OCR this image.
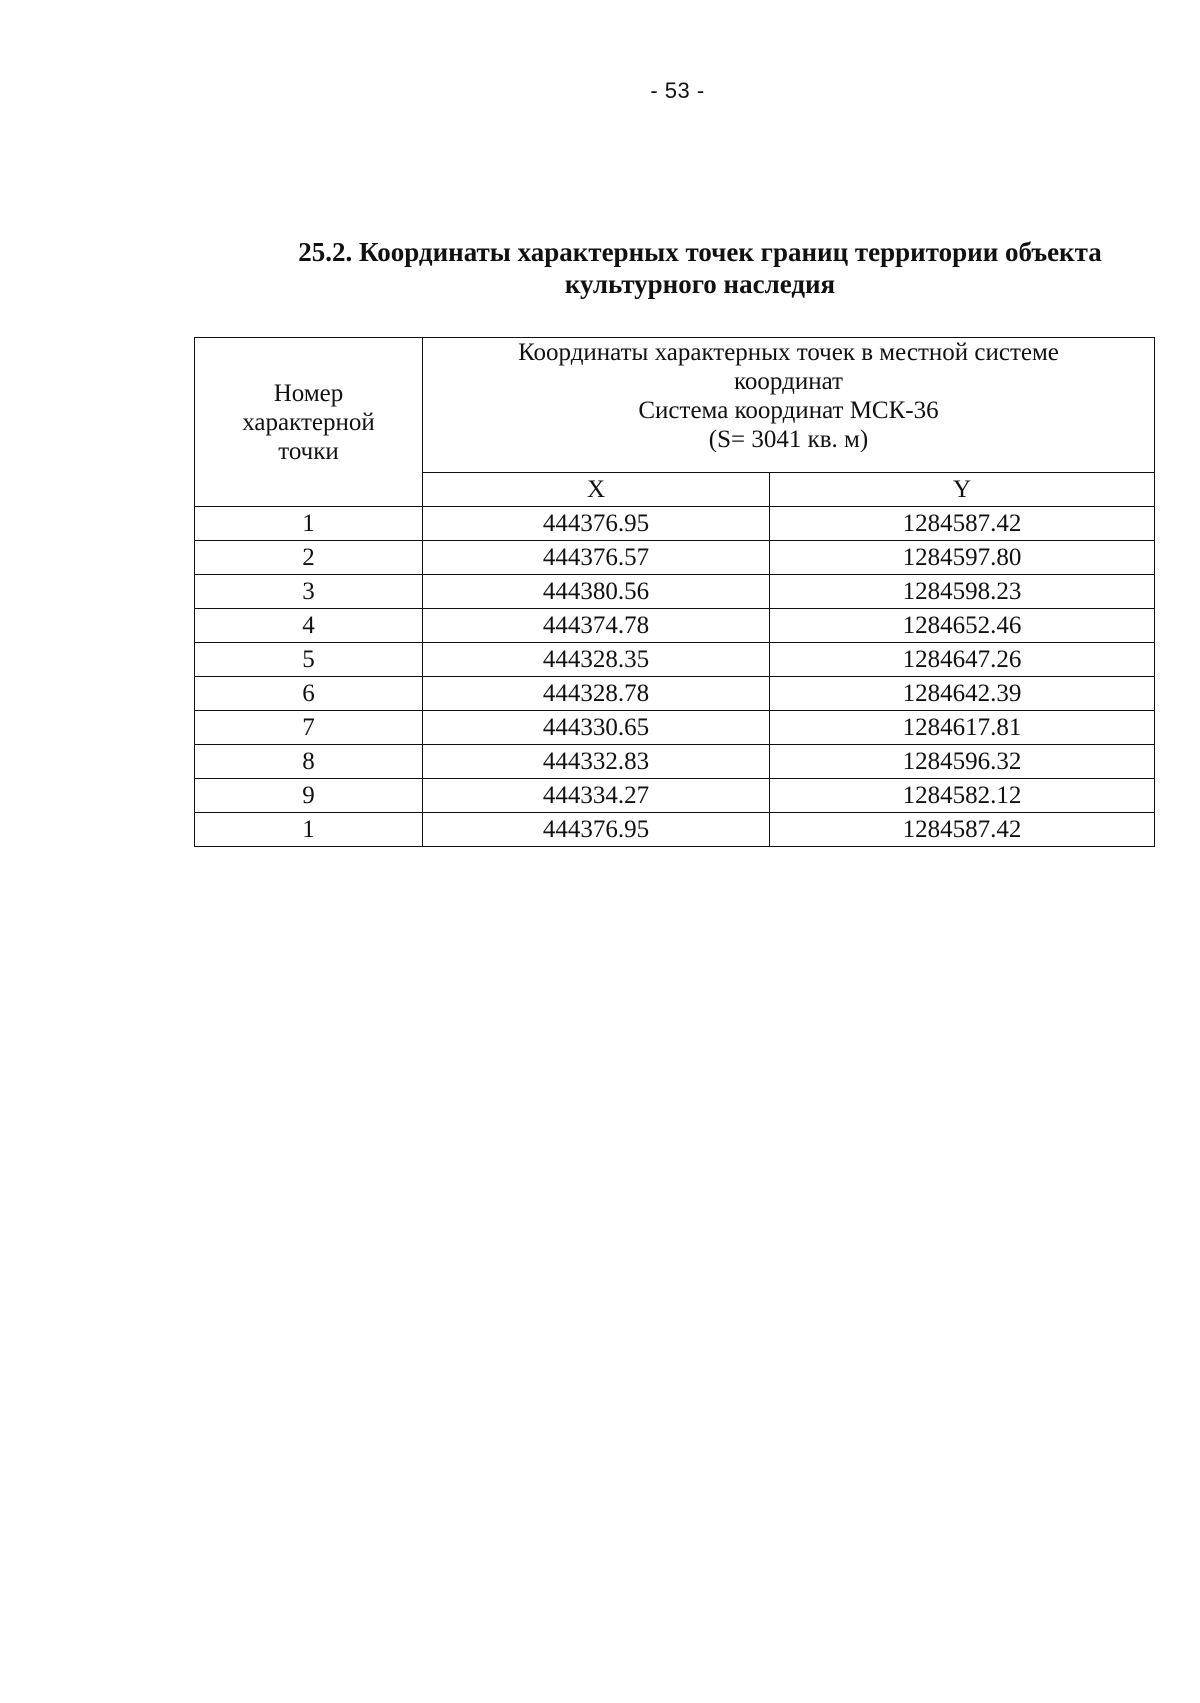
- 53 -
25.2. Координаты характерных точек границ территории объекта
культурного наследия
Номер
характерной
точки	Координаты характерных точек в местной системе
координат
Система координат МСК-36
(S= 3041 кв. м)	

	X	Y
1	444376.95	1284587.42
2	444376.57	1284597.80
3	444380.56	1284598.23
4	444374.78	1284652.46
5	444328.35	1284647.26
6	444328.78	1284642.39
7	444330.65	1284617.81
8	444332.83	1284596.32
9	444334.27	1284582.12
1	444376.95	1284587.42
